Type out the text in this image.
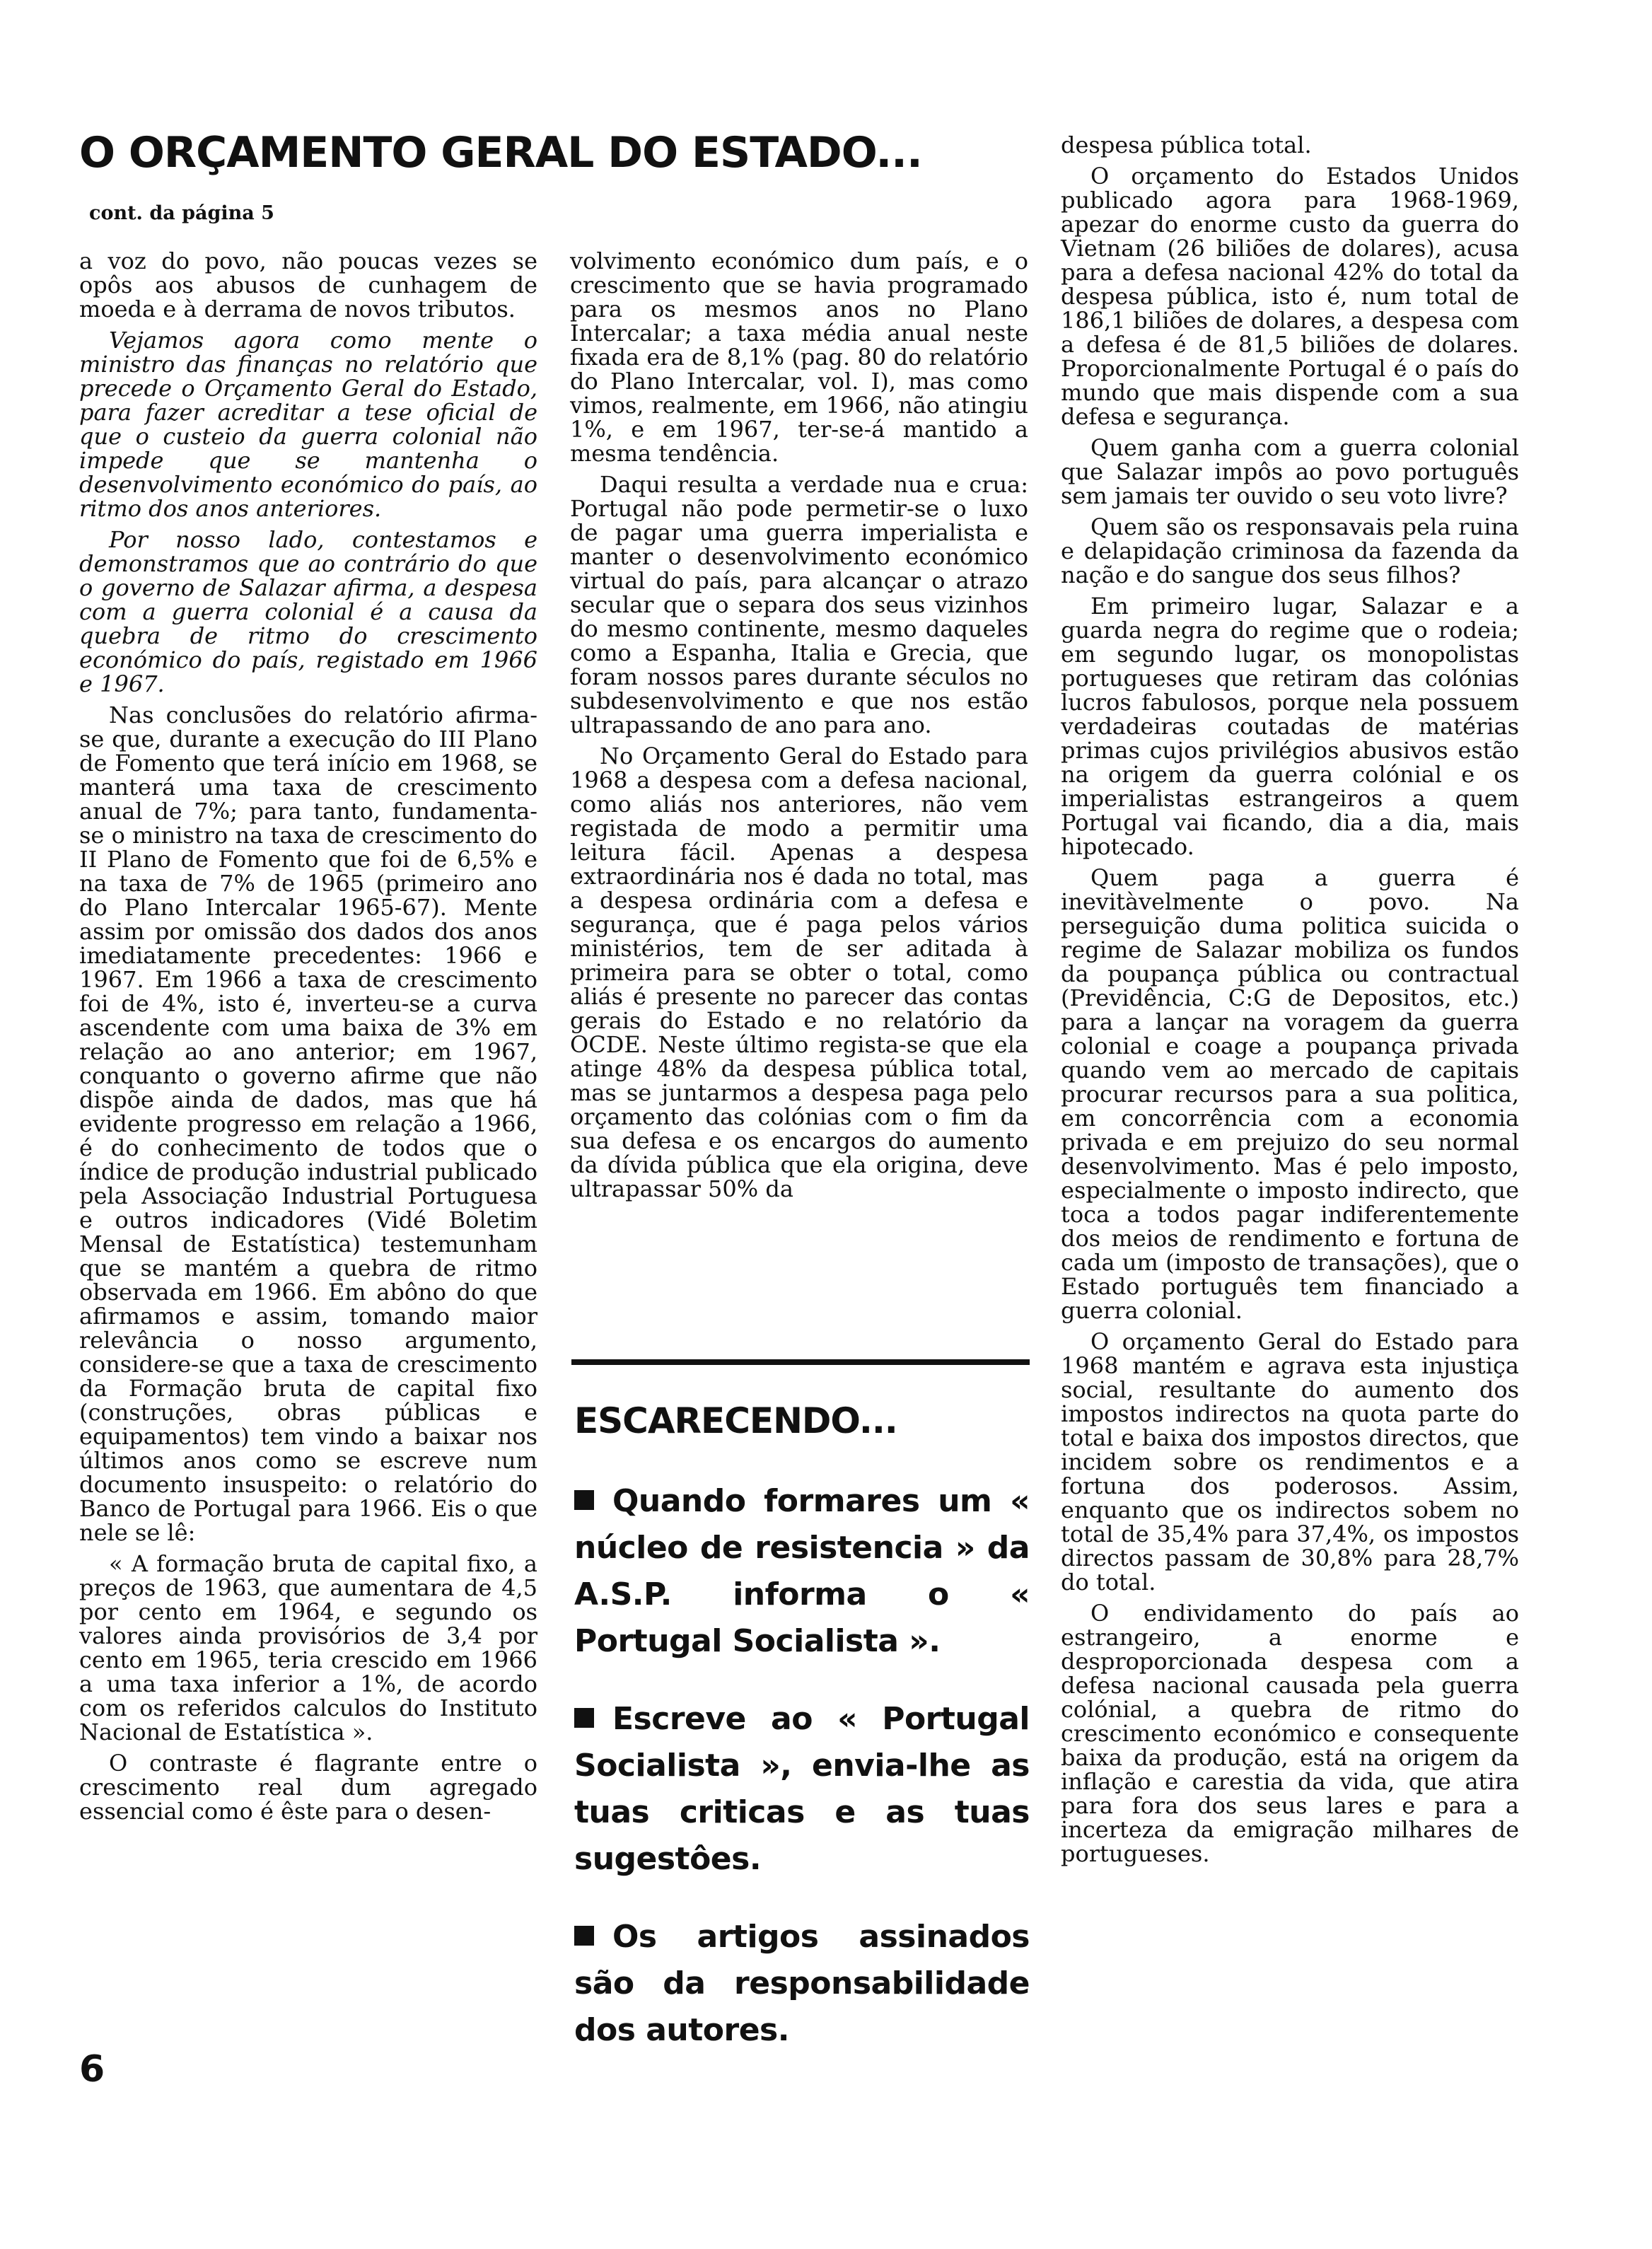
O ORÇAMENTO GERAL DO ESTADO...
cont. da página 5

a voz do povo, não poucas vezes se opôs aos abusos de cunhagem de moeda e à derrama de novos tributos.

Vejamos agora como mente o ministro das finanças no relatório que precede o Orçamento Geral do Estado, para fazer acreditar a tese oficial de que o custeio da guerra colonial não impede que se mantenha o desenvolvimento económico do país, ao ritmo dos anos anteriores.

Por nosso lado, contestamos e demonstramos que ao contrário do que o governo de Salazar afirma, a despesa com a guerra colonial é a causa da quebra de ritmo do crescimento económico do país, registado em 1966 e 1967.

Nas conclusões do relatório afirma-se que, durante a execução do III Plano de Fomento que terá início em 1968, se manterá uma taxa de crescimento anual de 7%; para tanto, fundamenta-se o ministro na taxa de crescimento do II Plano de Fomento que foi de 6,5% e na taxa de 7% de 1965 (primeiro ano do Plano Intercalar 1965-67). Mente assim por omissão dos dados dos anos imediatamente precedentes: 1966 e 1967. Em 1966 a taxa de crescimento foi de 4%, isto é, inverteu-se a curva ascendente com uma baixa de 3% em relação ao ano anterior; em 1967, conquanto o governo afirme que não dispõe ainda de dados, mas que há evidente progresso em relação a 1966, é do conhecimento de todos que o índice de produção industrial publicado pela Associação Industrial Portuguesa e outros indicadores (Vidé Boletim Mensal de Estatística) testemunham que se mantém a quebra de ritmo observada em 1966. Em abôno do que afirmamos e assim, tomando maior relevância o nosso argumento, considere-se que a taxa de crescimento da Formação bruta de capital fixo (construções, obras públicas e equipamentos) tem vindo a baixar nos últimos anos como se escreve num documento insuspeito: o relatório do Banco de Portugal para 1966. Eis o que nele se lê:

« A formação bruta de capital fixo, a preços de 1963, que aumentara de 4,5 por cento em 1964, e segundo os valores ainda provisórios de 3,4 por cento em 1965, teria crescido em 1966 a uma taxa inferior a 1%, de acordo com os referidos calculos do Instituto Nacional de Estatística ».

O contraste é flagrante entre o crescimento real dum agregado essencial como é êste para o desen-

volvimento económico dum país, e o crescimento que se havia programado para os mesmos anos no Plano Intercalar; a taxa média anual neste fixada era de 8,1% (pag. 80 do relatório do Plano Intercalar, vol. I), mas como vimos, realmente, em 1966, não atingiu 1%, e em 1967, ter-se-á mantido a mesma tendência.

Daqui resulta a verdade nua e crua: Portugal não pode permetir-se o luxo de pagar uma guerra imperialista e manter o desenvolvimento económico virtual do país, para alcançar o atrazo secular que o separa dos seus vizinhos do mesmo continente, mesmo daqueles como a Espanha, Italia e Grecia, que foram nossos pares durante séculos no subdesenvolvimento e que nos estão ultrapassando de ano para ano.

No Orçamento Geral do Estado para 1968 a despesa com a defesa nacional, como aliás nos anteriores, não vem registada de modo a permitir uma leitura fácil. Apenas a despesa extraordinária nos é dada no total, mas a despesa ordinária com a defesa e segurança, que é paga pelos vários ministérios, tem de ser aditada à primeira para se obter o total, como aliás é presente no parecer das contas gerais do Estado e no relatório da OCDE. Neste último regista-se que ela atinge 48% da despesa pública total, mas se juntarmos a despesa paga pelo orçamento das colónias com o fim da sua defesa e os encargos do aumento da dívida pública que ela origina, deve ultrapassar 50% da

despesa pública total.

O orçamento do Estados Unidos publicado agora para 1968-1969, apezar do enorme custo da guerra do Vietnam (26 biliões de dolares), acusa para a defesa nacional 42% do total da despesa pública, isto é, num total de 186,1 biliões de dolares, a despesa com a defesa é de 81,5 biliões de dolares. Proporcionalmente Portugal é o país do mundo que mais dispende com a sua defesa e segurança.

Quem ganha com a guerra colonial que Salazar impôs ao povo português sem jamais ter ouvido o seu voto livre?

Quem são os responsavais pela ruina e delapidação criminosa da fazenda da nação e do sangue dos seus filhos?

Em primeiro lugar, Salazar e a guarda negra do regime que o rodeia; em segundo lugar, os monopolistas portugueses que retiram das colónias lucros fabulosos, porque nela possuem verdadeiras coutadas de matérias primas cujos privilégios abusivos estão na origem da guerra colónial e os imperialistas estrangeiros a quem Portugal vai ficando, dia a dia, mais hipotecado.

Quem paga a guerra é inevitàvelmente o povo. Na perseguição duma politica suicida o regime de Salazar mobiliza os fundos da poupança pública ou contractual (Previdência, C:G de Depositos, etc.) para a lançar na voragem da guerra colonial e coage a poupança privada quando vem ao mercado de capitais procurar recursos para a sua politica, em concorrência com a economia privada e em prejuizo do seu normal desenvolvimento. Mas é pelo imposto, especialmente o imposto indirecto, que toca a todos pagar indiferentemente dos meios de rendimento e fortuna de cada um (imposto de transações), que o Estado português tem financiado a guerra colonial.

O orçamento Geral do Estado para 1968 mantém e agrava esta injustiça social, resultante do aumento dos impostos indirectos na quota parte do total e baixa dos impostos directos, que incidem sobre os rendimentos e a fortuna dos poderosos. Assim, enquanto que os indirectos sobem no total de 35,4% para 37,4%, os impostos directos passam de 30,8% para 28,7% do total.

O endividamento do país ao estrangeiro, a enorme e desproporcionada despesa com a defesa nacional causada pela guerra colónial, a quebra de ritmo do crescimento económico e consequente baixa da produção, está na origem da inflação e carestia da vida, que atira para fora dos seus lares e para a incerteza da emigração milhares de portugueses.

ESCARECENDO...

Quando formares um « núcleo de resistencia » da A.S.P. informa o « Portugal Socialista ».

Escreve ao « Portugal Socialista », envia-lhe as tuas criticas e as tuas sugestôes.

Os artigos assinados são da responsabilidade dos autores.

6
